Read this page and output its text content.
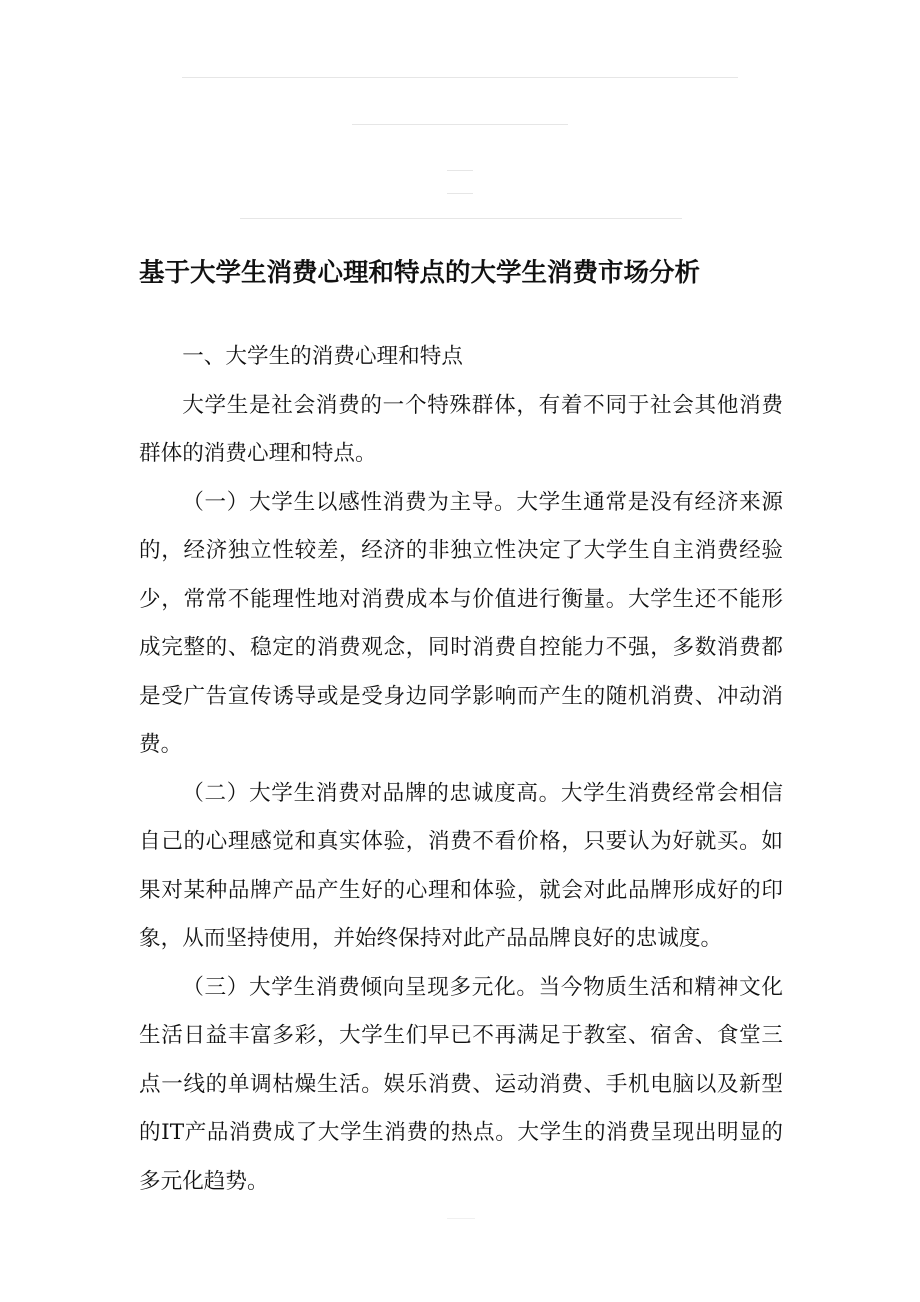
基于大学生消费心理和特点的大学生消费市场分析

一、大学生的消费心理和特点

大学生是社会消费的一个特殊群体，有着不同于社会其他消费群体的消费心理和特点。

（一）大学生以感性消费为主导。大学生通常是没有经济来源的，经济独立性较差，经济的非独立性决定了大学生自主消费经验少，常常不能理性地对消费成本与价值进行衡量。大学生还不能形成完整的、稳定的消费观念，同时消费自控能力不强，多数消费都是受广告宣传诱导或是受身边同学影响而产生的随机消费、冲动消费。

（二）大学生消费对品牌的忠诚度高。大学生消费经常会相信自己的心理感觉和真实体验，消费不看价格，只要认为好就买。如果对某种品牌产品产生好的心理和体验，就会对此品牌形成好的印象，从而坚持使用，并始终保持对此产品品牌良好的忠诚度。

（三）大学生消费倾向呈现多元化。当今物质生活和精神文化生活日益丰富多彩，大学生们早已不再满足于教室、宿舍、食堂三点一线的单调枯燥生活。娱乐消费、运动消费、手机电脑以及新型的IT产品消费成了大学生消费的热点。大学生的消费呈现出明显的多元化趋势。
